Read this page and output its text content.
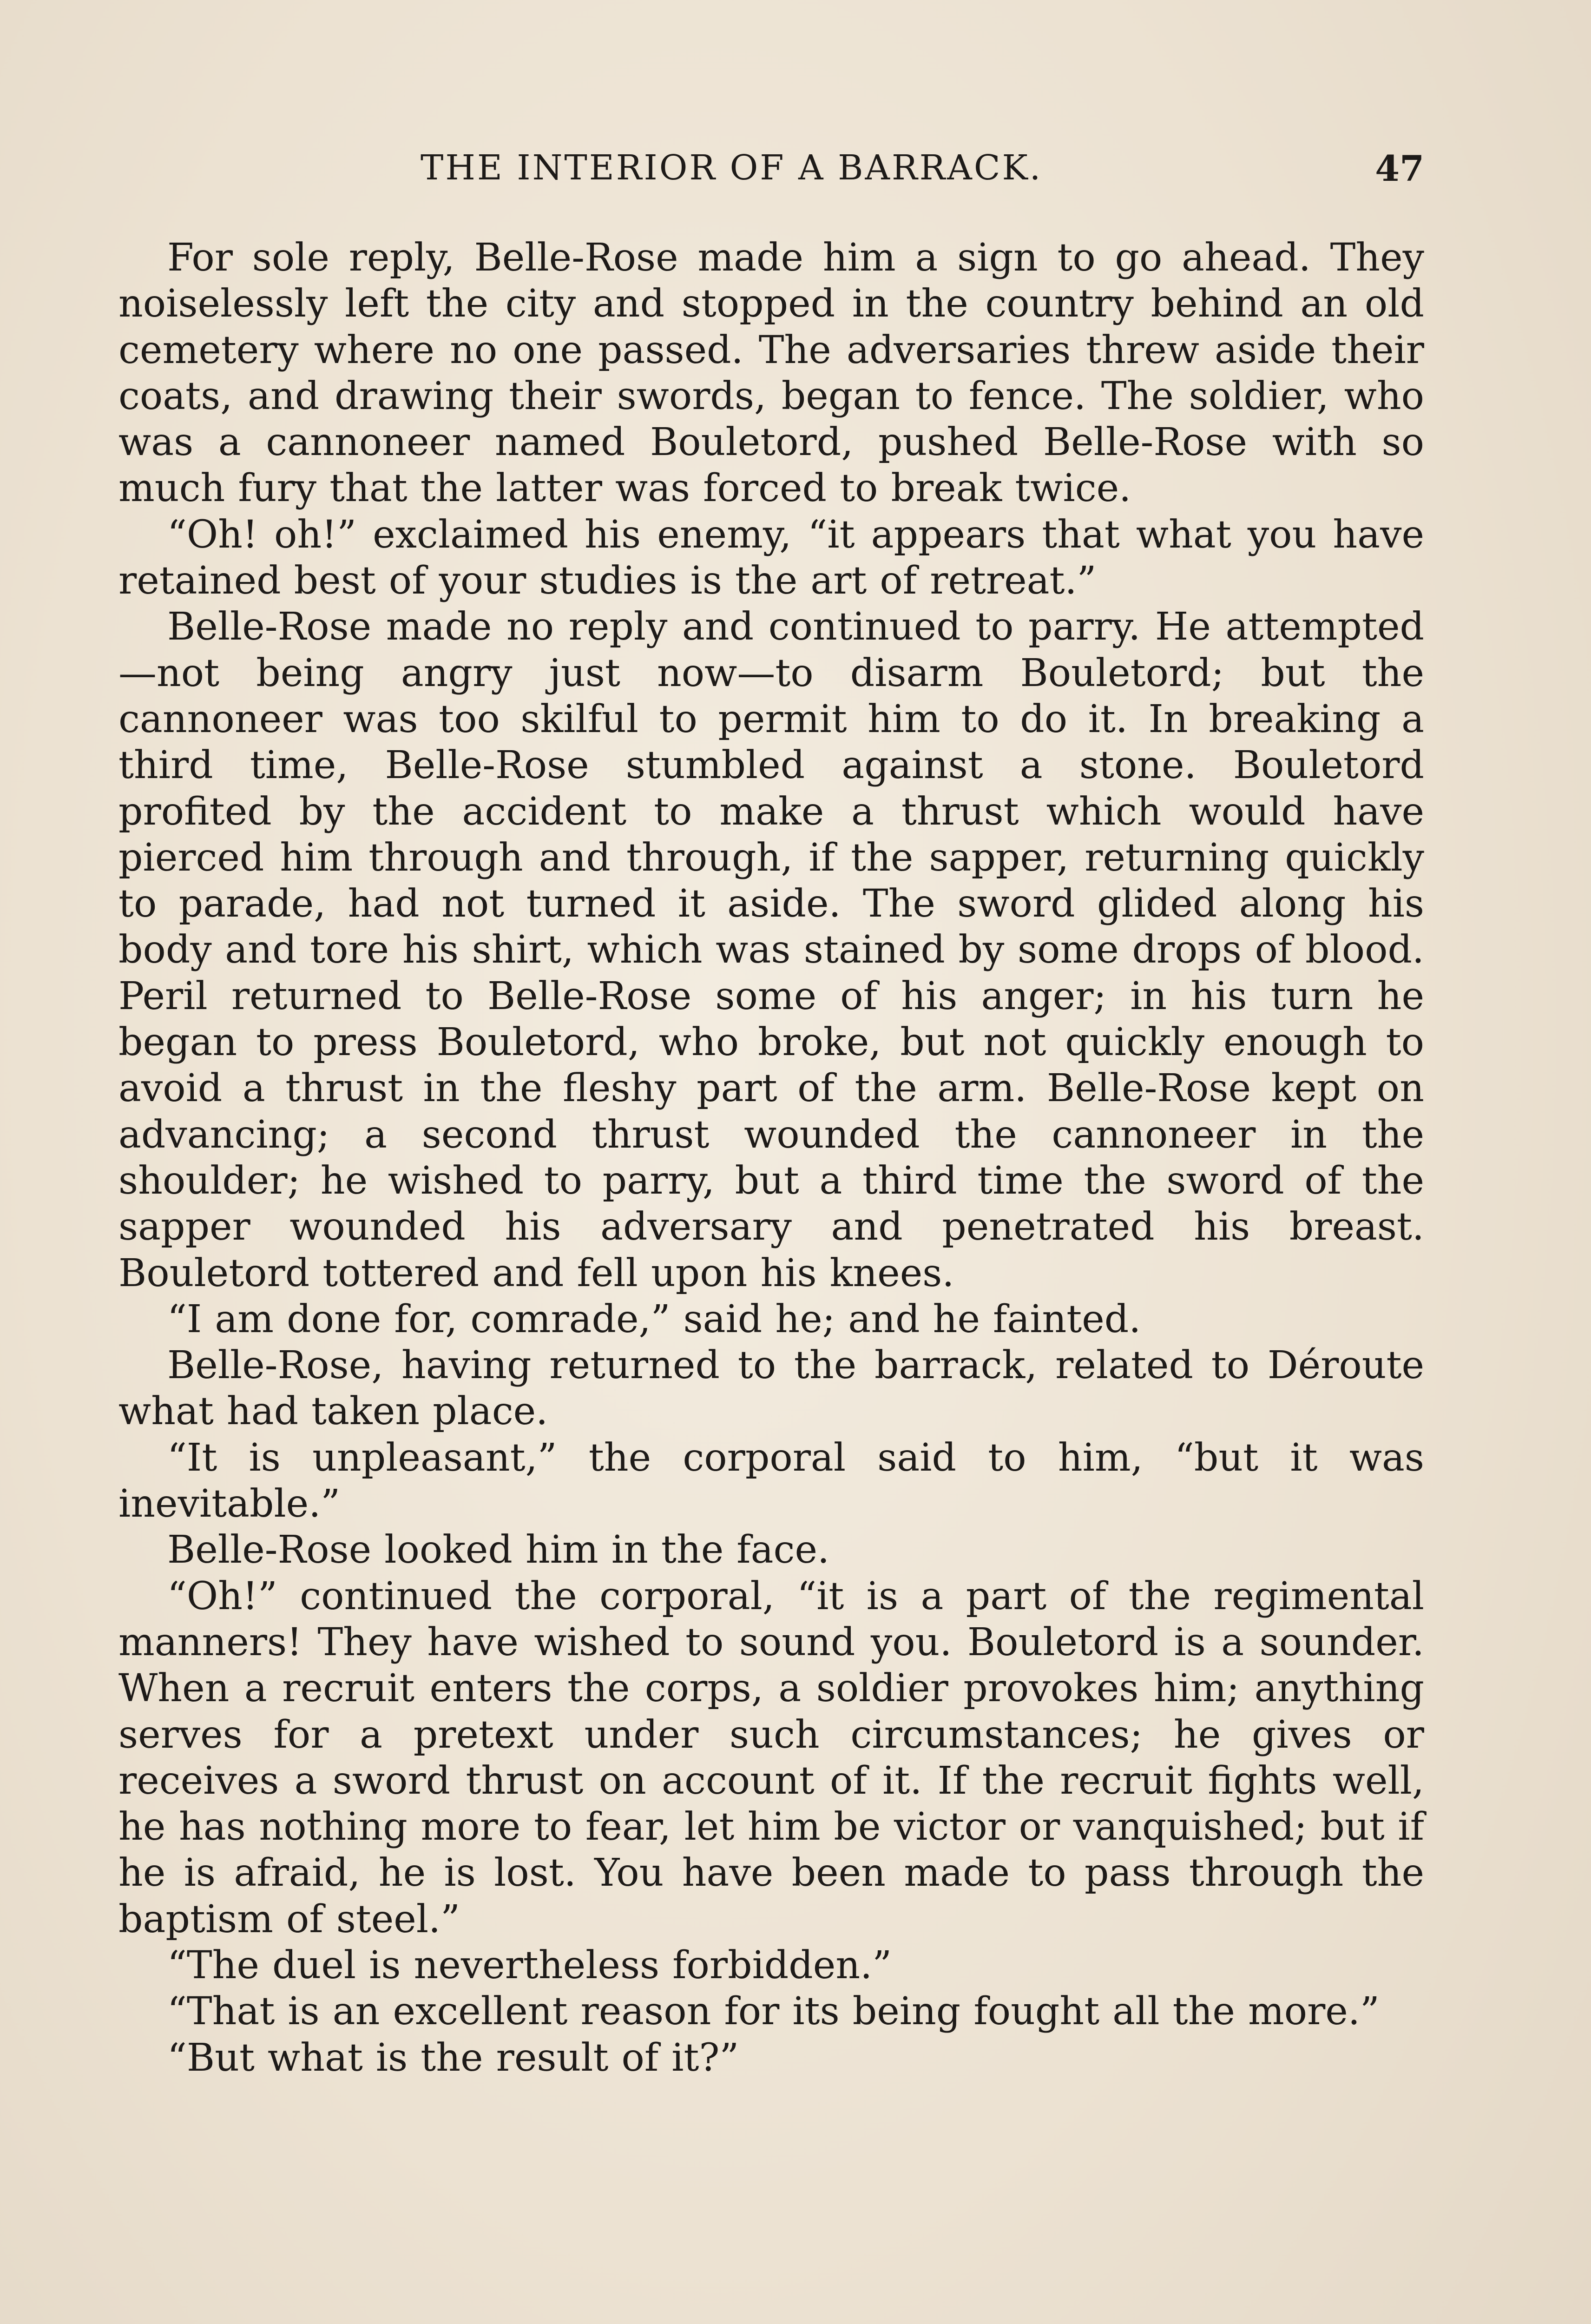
THE INTERIOR OF A BARRACK.	47

For sole reply, Belle-Rose made him a sign to go ahead. They noiselessly left the city and stopped in the country behind an old cemetery where no one passed. The adversaries threw aside their coats, and drawing their swords, began to fence. The soldier, who was a cannoneer named Bouletord, pushed Belle-Rose with so much fury that the latter was forced to break twice.

“Oh! oh!” exclaimed his enemy, “it appears that what you have retained best of your studies is the art of retreat.”

Belle-Rose made no reply and continued to parry. He attempted—not being angry just now—to disarm Bouletord; but the cannoneer was too skilful to permit him to do it. In breaking a third time, Belle-Rose stumbled against a stone. Bouletord profited by the accident to make a thrust which would have pierced him through and through, if the sapper, returning quickly to parade, had not turned it aside. The sword glided along his body and tore his shirt, which was stained by some drops of blood. Peril returned to Belle-Rose some of his anger; in his turn he began to press Bouletord, who broke, but not quickly enough to avoid a thrust in the fleshy part of the arm. Belle-Rose kept on advancing; a second thrust wounded the cannoneer in the shoulder; he wished to parry, but a third time the sword of the sapper wounded his adversary and penetrated his breast. Bouletord tottered and fell upon his knees.

“I am done for, comrade,” said he; and he fainted.

Belle-Rose, having returned to the barrack, related to Déroute what had taken place.

“It is unpleasant,” the corporal said to him, “but it was inevitable.”

Belle-Rose looked him in the face.

“Oh!” continued the corporal, “it is a part of the regimental manners! They have wished to sound you. Bouletord is a sounder. When a recruit enters the corps, a soldier provokes him; anything serves for a pretext under such circumstances; he gives or receives a sword thrust on account of it. If the recruit fights well, he has nothing more to fear, let him be victor or vanquished; but if he is afraid, he is lost. You have been made to pass through the baptism of steel.”

“The duel is nevertheless forbidden.”

“That is an excellent reason for its being fought all the more.”

“But what is the result of it?”
